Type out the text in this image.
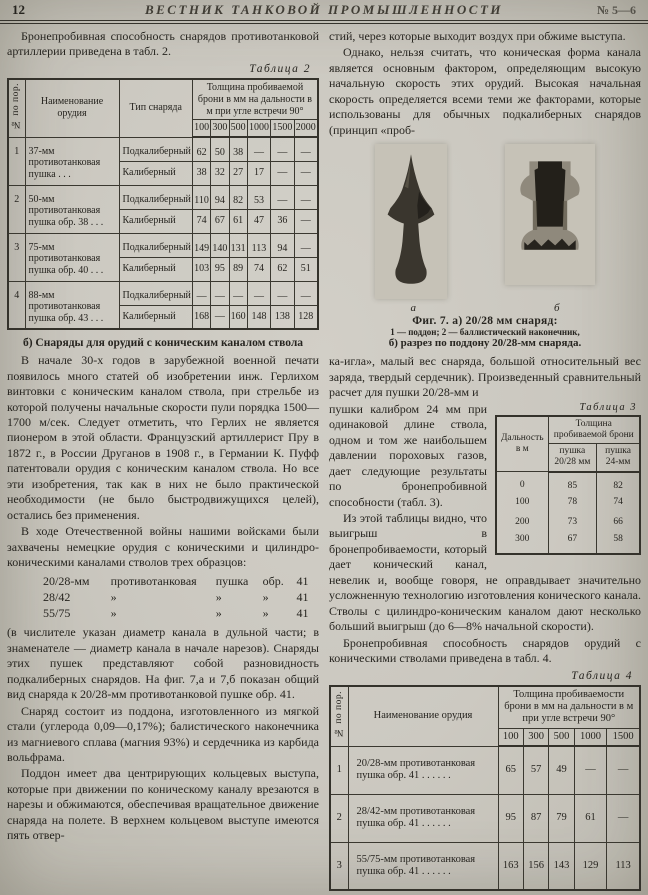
12	ВЕСТНИК ТАНКОВОЙ ПРОМЫШЛЕННОСТИ	№ 5—6

Бронепробивная способность снарядов противотанковой артиллерии приведена в табл. 2.

Таблица 2
№ по пор.	Наименование орудия	Тип снаряда	Толщина пробиваемой брони в мм на дальности в м при угле встречи 90°					
			100	300	500	1000	1500	2000
1	37-мм противотанковая пушка . . .	Подкалиберный	62	50	38	—	—	—
		Калиберный	38	32	27	17	—	—
2	50-мм противотанковая пушка обр. 38 . . .	Подкалиберный	110	94	82	53	—	—
		Калиберный	74	67	61	47	36	—
3	75-мм противотанковая пушка обр. 40 . . .	Подкалиберный	149	140	131	113	94	—
		Калиберный	103	95	89	74	62	51
4	88-мм противотанковая пушка обр. 43 . . .	Подкалиберный	—	—	—	—	—	—
		Калиберный	168	—	160	148	138	128
б) Снаряды для орудий с коническим каналом ствола

В начале 30-х годов в зарубежной военной печати появилось много статей об изобретении инж. Герлихом винтовки с коническим каналом ствола, при стрельбе из которой получены начальные скорости пули порядка 1500—1700 м/сек. Следует отметить, что Герлих не является пионером в этой области. Французский артиллерист Пру в 1872 г., в России Друганов в 1908 г., в Германии К. Пуфф патентовали орудия с коническим каналом ствола. Но все эти изобретения, так как в них не было практической необходимости (не было быстродвижущихся целей), остались без применения.

В ходе Отечественной войны нашими войсками были захвачены немецкие орудия с коническими и цилиндро-коническими каналами стволов трех образцов:

20/28-мм	противотанковая	пушка	обр.	41
28/42	»	»	»	41
55/75	»	»	»	41

(в числителе указан диаметр канала в дульной части; в знаменателе — диаметр канала в начале нарезов). Снаряды этих пушек представляют собой разновидность подкалиберных снарядов. На фиг. 7,а и 7,б показан общий вид снаряда к 20/28-мм противотанковой пушке обр. 41.

Снаряд состоит из поддона, изготовленного из мягкой стали (углерода 0,09—0,17%); балистического наконечника из магниевого сплава (магния 93%) и сердечника из карбида вольфрама.

Поддон имеет два центрирующих кольцевых выступа, которые при движении по коническому каналу врезаются в нарезы и обжимаются, обеспечивая вращательное движение снаряда на полете. В верхнем кольцевом выступе имеются пять отвер-

стий, через которые выходит воздух при обжиме выступа.

Однако, нельзя считать, что коническая форма канала является основным фактором, определяющим высокую начальную скорость этих орудий. Высокая начальная скорость определяется всеми теми же факторами, которые использованы для обычных подкалиберных снарядов (принцип «проб-

а	б
Фиг. 7. а) 20/28 мм снаряд:
1 — поддон; 2 — баллистический наконечник,
б) разрез по поддону 20/28-мм снаряда.

ка-игла», малый вес снаряда, большой относительный вес заряда, твердый сердечник). Произведенный сравнительный расчет для пушки 20/28-мм и

Таблица 3
Дальность в м	Толщина пробиваемой брони	
	пушка 20/28 мм	пушка 24-мм
0	85	82
100	78	74
200	73	66
300	67	58

пушки калибром 24 мм при одинаковой длине ствола, одном и том же наибольшем давлении пороховых газов, дает следующие результаты по бронепробивной способности (табл. 3).

Из этой таблицы видно, что выигрыш в бронепробиваемости, который дает конический канал, невелик и, вообще говоря, не оправдывает значительно усложненную технологию изготовления конического канала. Стволы с цилиндро-коническим каналом дают несколько больший выигрыш (до 6—8% начальной скорости).

Бронепробивная способность снарядов орудий с коническими стволами приведена в табл. 4.

Таблица 4
№ по пор.	Наименование орудия	Толщина пробиваемости брони в мм на дальности в м при угле встречи 90°				
		100	300	500	1000	1500
1	20/28-мм противотанковая пушка обр. 41 . . . . . .	65	57	49	—	—
2	28/42-мм противотанковая пушка обр. 41 . . . . . .	95	87	79	61	—
3	55/75-мм противотанковая пушка обр. 41 . . . . . .	163	156	143	129	113
